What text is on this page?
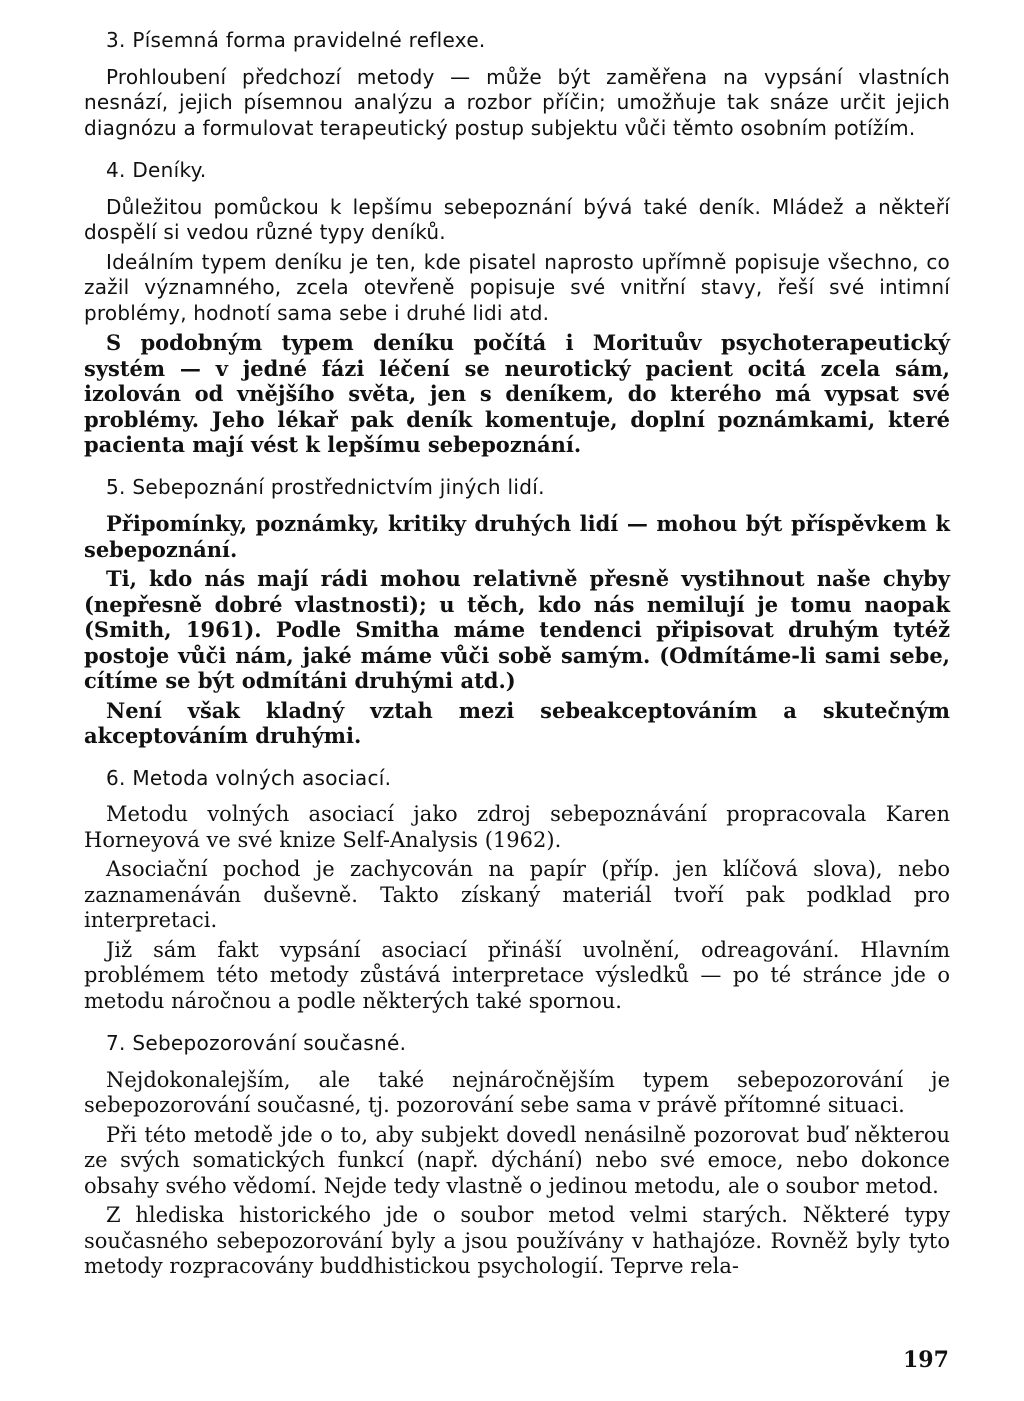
3. Písemná forma pravidelné reflexe.

Prohloubení předchozí metody — může být zaměřena na vypsání vlastních nesnází, jejich písemnou analýzu a rozbor příčin; umožňuje tak snáze určit jejich diagnózu a formulovat terapeutický postup subjektu vůči těmto osobním potížím.

4. Deníky.

Důležitou pomůckou k lepšímu sebepoznání bývá také deník. Mládež a někteří dospělí si vedou různé typy deníků.

Ideálním typem deníku je ten, kde pisatel naprosto upřímně popisuje všechno, co zažil významného, zcela otevřeně popisuje své vnitřní stavy, řeší své intimní problémy, hodnotí sama sebe i druhé lidi atd.

S podobným typem deníku počítá i Morituův psychoterapeutický systém — v jedné fázi léčení se neurotický pacient ocitá zcela sám, izolován od vnějšího světa, jen s deníkem, do kterého má vypsat své problémy. Jeho lékař pak deník komentuje, doplní poznámkami, které pacienta mají vést k lepšímu sebepoznání.

5. Sebepoznání prostřednictvím jiných lidí.

Připomínky, poznámky, kritiky druhých lidí — mohou být příspěvkem k sebepoznání.

Ti, kdo nás mají rádi mohou relativně přesně vystihnout naše chyby (nepřesně dobré vlastnosti); u těch, kdo nás nemilují je tomu naopak (Smith, 1961). Podle Smitha máme tendenci připisovat druhým tytéž postoje vůči nám, jaké máme vůči sobě samým. (Odmítáme-li sami sebe, cítíme se být odmítáni druhými atd.)

Není však kladný vztah mezi sebeakceptováním a skutečným akceptováním druhými.

6. Metoda volných asociací.

Metodu volných asociací jako zdroj sebepoznávání propracovala Karen Horneyová ve své knize Self-Analysis (1962).

Asociační pochod je zachycován na papír (příp. jen klíčová slova), nebo zaznamenáván duševně. Takto získaný materiál tvoří pak podklad pro interpretaci.

Již sám fakt vypsání asociací přináší uvolnění, odreagování. Hlavním problémem této metody zůstává interpretace výsledků — po té stránce jde o metodu náročnou a podle některých také spornou.

7. Sebepozorování současné.

Nejdokonalejším, ale také nejnáročnějším typem sebepozorování je sebepozorování současné, tj. pozorování sebe sama v právě přítomné situaci.

Při této metodě jde o to, aby subjekt dovedl nenásilně pozorovat buď některou ze svých somatických funkcí (např. dýchání) nebo své emoce, nebo dokonce obsahy svého vědomí. Nejde tedy vlastně o jedinou metodu, ale o soubor metod.

Z hlediska historického jde o soubor metod velmi starých. Některé typy současného sebepozorování byly a jsou používány v hathajóze. Rovněž byly tyto metody rozpracovány buddhistickou psychologií. Teprve rela-

197
